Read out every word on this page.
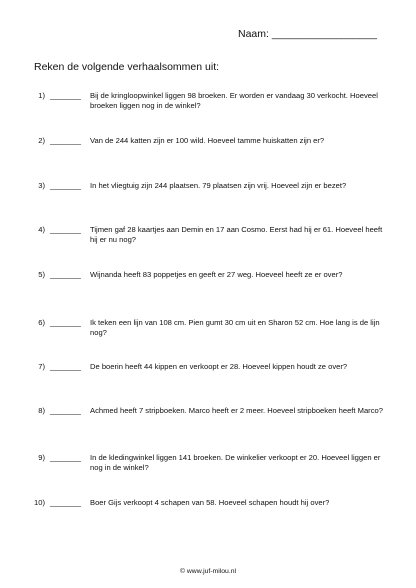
Naam: __________________
Reken de volgende verhaalsommen uit:
1) ________ Bij de kringloopwinkel liggen 98 broeken. Er worden er vandaag 30 verkocht. Hoeveel broeken liggen nog in de winkel?
2) ________ Van de 244 katten zijn er 100 wild. Hoeveel tamme huiskatten zijn er?
3) ________ In het vliegtuig zijn 244 plaatsen. 79 plaatsen zijn vrij. Hoeveel zijn er bezet?
4) ________ Tijmen gaf 28 kaartjes aan Demin en 17 aan Cosmo. Eerst had hij er 61. Hoeveel heeft hij er nu nog?
5) ________ Wijnanda heeft 83 poppetjes en geeft er 27 weg. Hoeveel heeft ze er over?
6) ________ Ik teken een lijn van 108 cm. Pien gumt 30 cm uit en Sharon 52 cm. Hoe lang is de lijn nog?
7) ________ De boerin heeft 44 kippen en verkoopt er 28. Hoeveel kippen houdt ze over?
8) ________ Achmed heeft 7 stripboeken. Marco heeft er 2 meer. Hoeveel stripboeken heeft Marco?
9) ________ In de kledingwinkel liggen 141 broeken. De winkelier verkoopt er 20. Hoeveel liggen er nog in de winkel?
10) ________ Boer Gijs verkoopt 4 schapen van 58. Hoeveel schapen houdt hij over?
© www.juf-milou.nl
